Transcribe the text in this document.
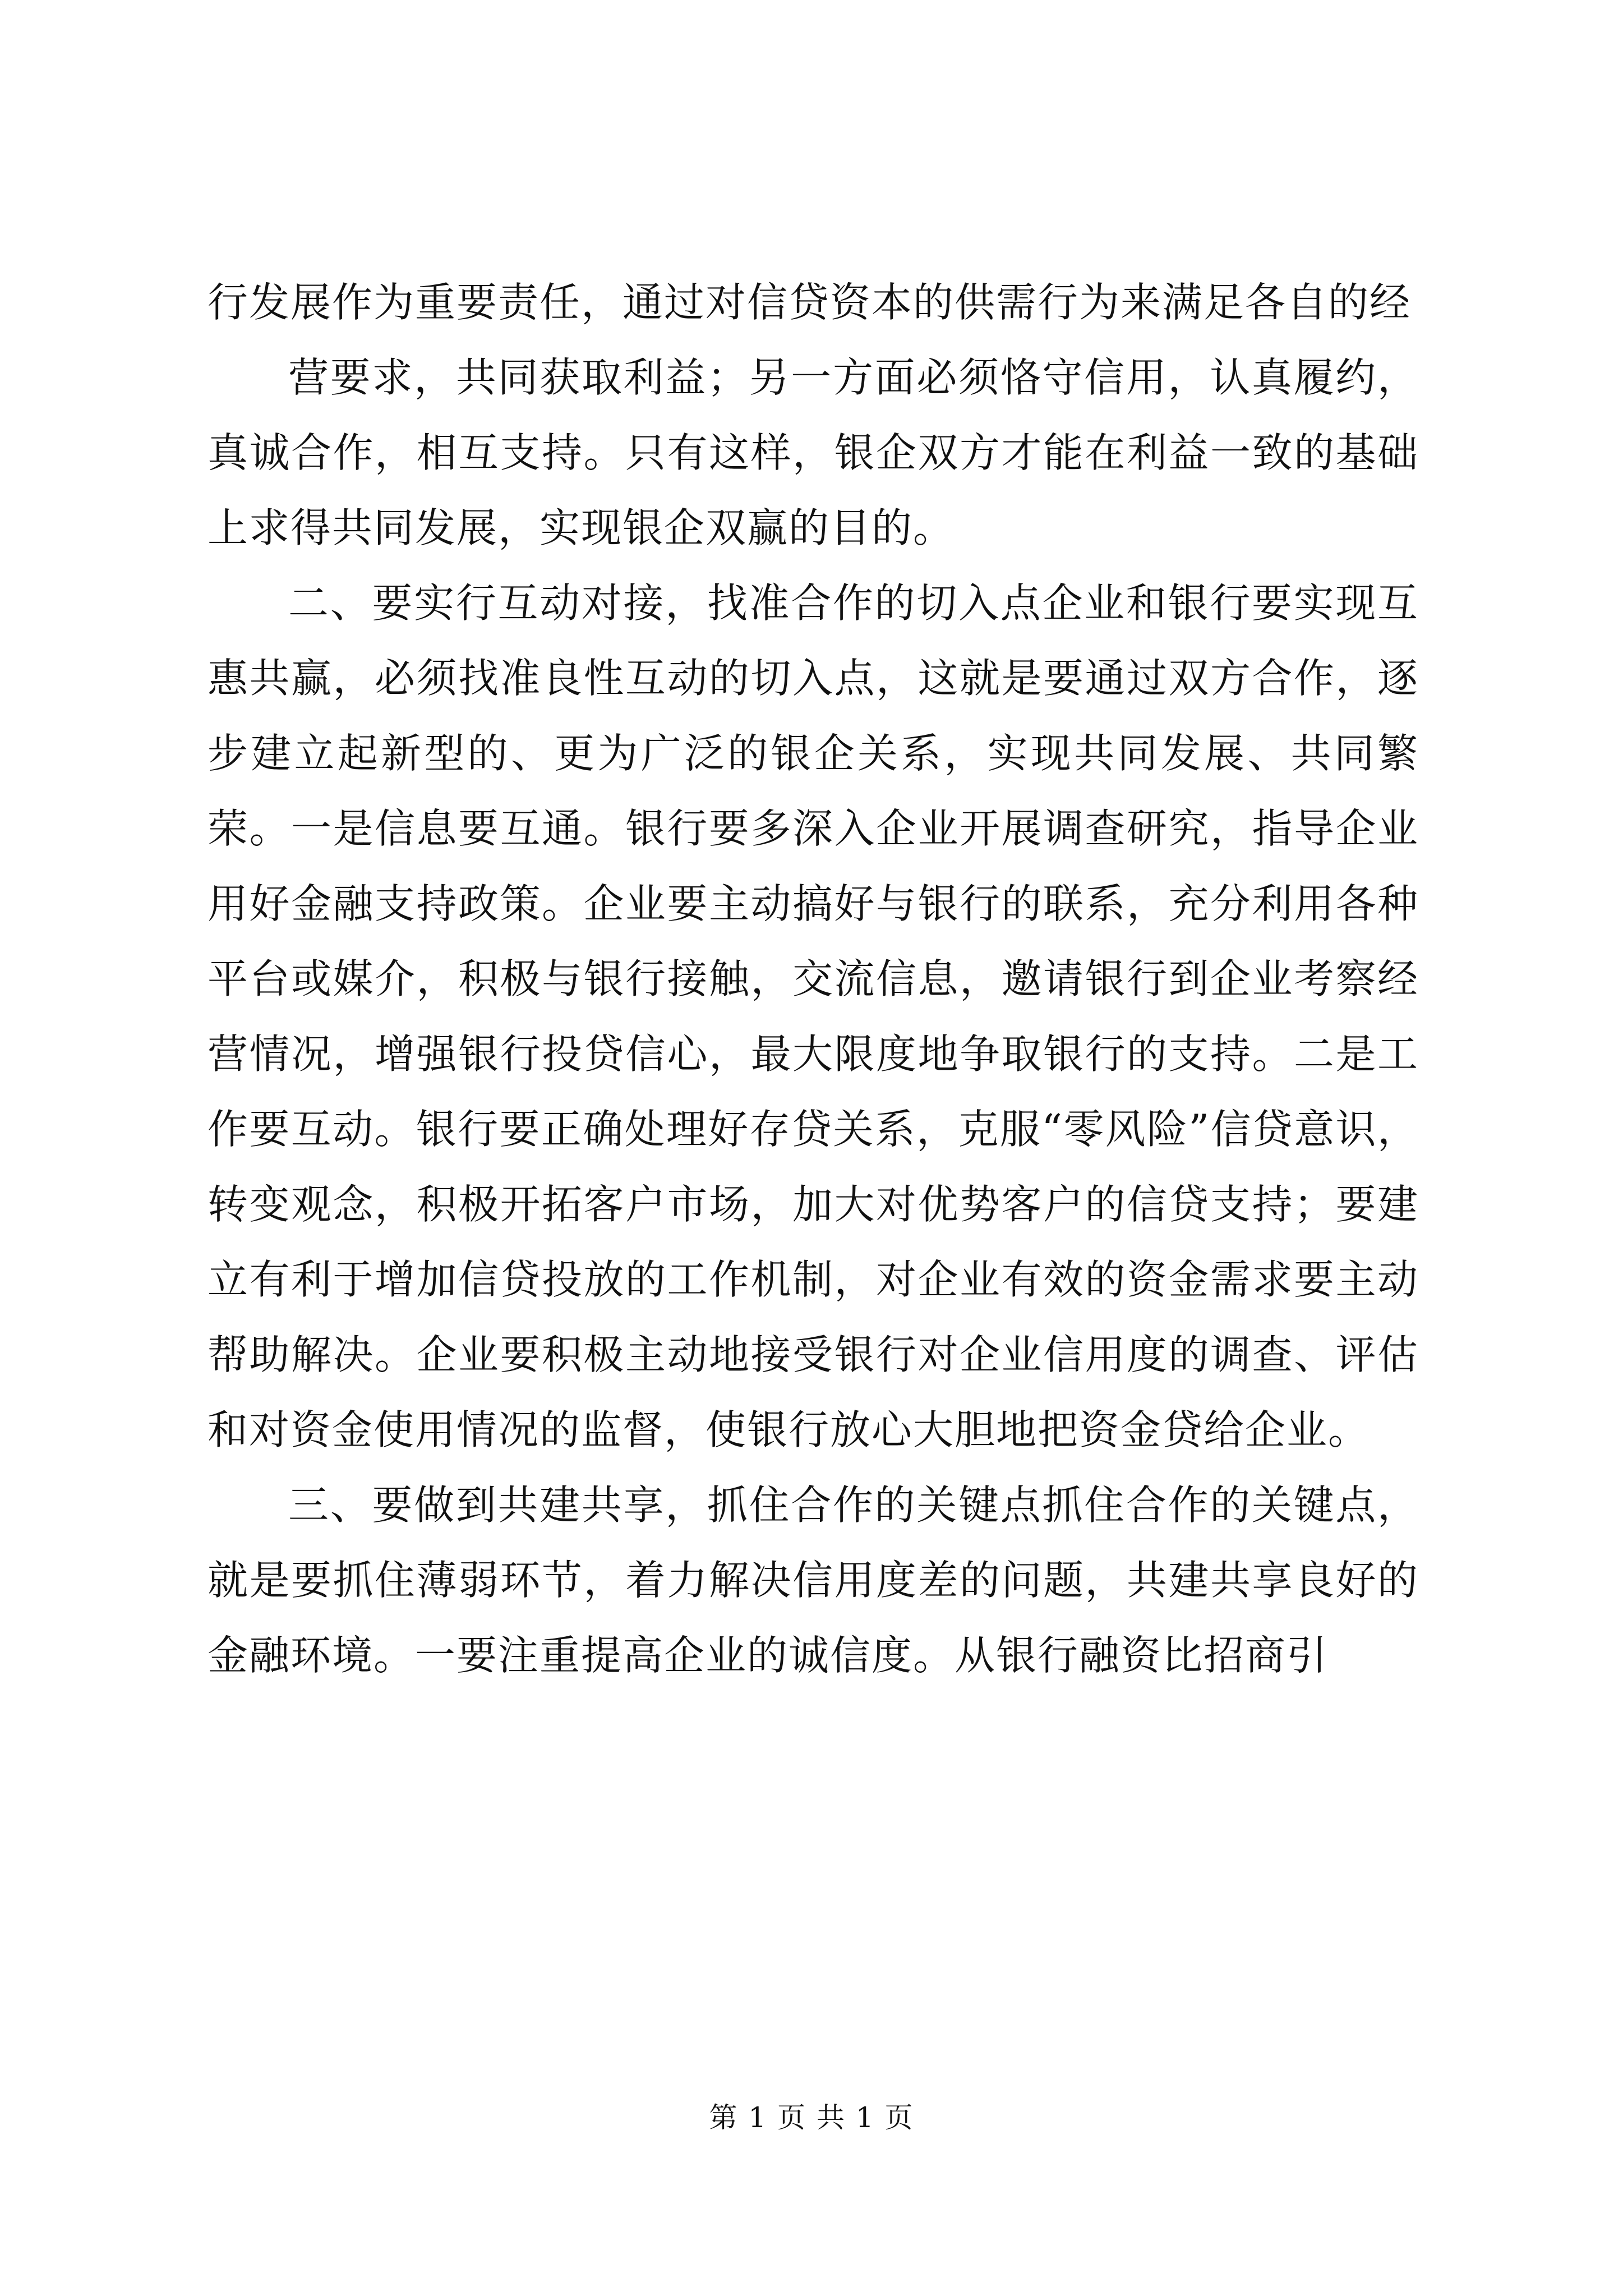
行发展作为重要责任，通过对信贷资本的供需行为来满足各自的经

营要求，共同获取利益；另一方面必须恪守信用，认真履约，真诚合作，相互支持。只有这样，银企双方才能在利益一致的基础上求得共同发展，实现银企双赢的目的。

二、要实行互动对接，找准合作的切入点企业和银行要实现互惠共赢，必须找准良性互动的切入点，这就是要通过双方合作，逐步建立起新型的、更为广泛的银企关系，实现共同发展、共同繁荣。一是信息要互通。银行要多深入企业开展调查研究，指导企业用好金融支持政策。企业要主动搞好与银行的联系，充分利用各种平台或媒介，积极与银行接触，交流信息，邀请银行到企业考察经营情况，增强银行投贷信心，最大限度地争取银行的支持。二是工作要互动。银行要正确处理好存贷关系，克服“零风险”信贷意识，转变观念，积极开拓客户市场，加大对优势客户的信贷支持；要建立有利于增加信贷投放的工作机制，对企业有效的资金需求要主动帮助解决。企业要积极主动地接受银行对企业信用度的调查、评估和对资金使用情况的监督，使银行放心大胆地把资金贷给企业。

三、要做到共建共享，抓住合作的关键点抓住合作的关键点，就是要抓住薄弱环节，着力解决信用度差的问题，共建共享良好的金融环境。一要注重提高企业的诚信度。从银行融资比招商引

第 1 页 共 1 页
